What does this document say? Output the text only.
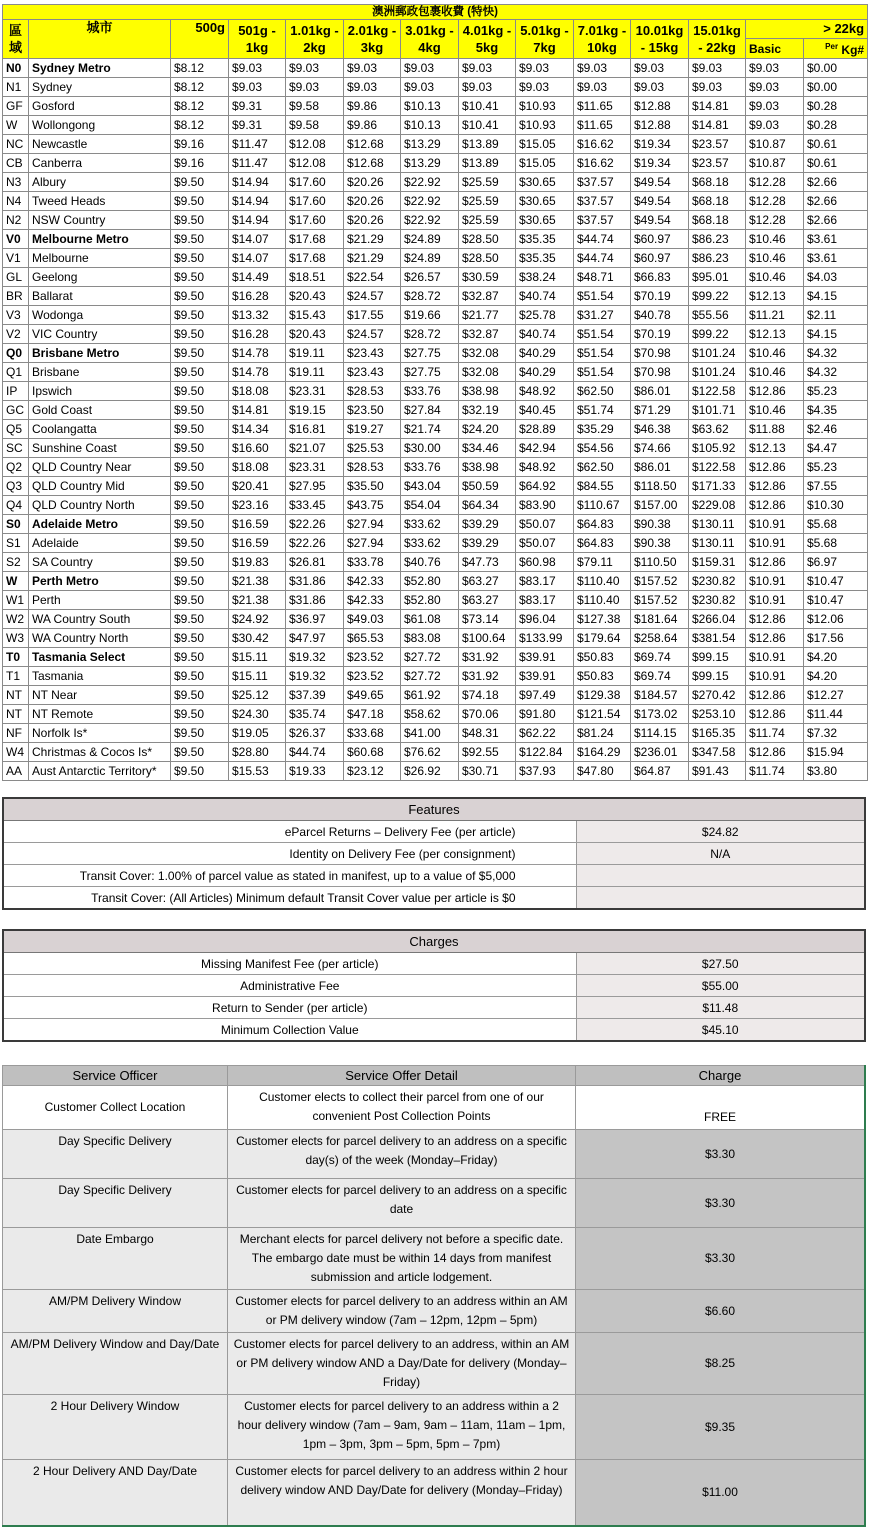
澳洲郵政包裹收費 (特快)													
區域	城市	500g	501g - 1kg	1.01kg - 2kg	2.01kg - 3kg	3.01kg - 4kg	4.01kg - 5kg	5.01kg - 7kg	7.01kg - 10kg	10.01kg - 15kg	15.01kg - 22kg	> 22kg	
												Basic	$^{Per}$ Kg#
N0	Sydney Metro	$8.12	$9.03	$9.03	$9.03	$9.03	$9.03	$9.03	$9.03	$9.03	$9.03	$9.03	$0.00
N1	Sydney	$8.12	$9.03	$9.03	$9.03	$9.03	$9.03	$9.03	$9.03	$9.03	$9.03	$9.03	$0.00
GF	Gosford	$8.12	$9.31	$9.58	$9.86	$10.13	$10.41	$10.93	$11.65	$12.88	$14.81	$9.03	$0.28
W	Wollongong	$8.12	$9.31	$9.58	$9.86	$10.13	$10.41	$10.93	$11.65	$12.88	$14.81	$9.03	$0.28
NC	Newcastle	$9.16	$11.47	$12.08	$12.68	$13.29	$13.89	$15.05	$16.62	$19.34	$23.57	$10.87	$0.61
CB	Canberra	$9.16	$11.47	$12.08	$12.68	$13.29	$13.89	$15.05	$16.62	$19.34	$23.57	$10.87	$0.61
N3	Albury	$9.50	$14.94	$17.60	$20.26	$22.92	$25.59	$30.65	$37.57	$49.54	$68.18	$12.28	$2.66
N4	Tweed Heads	$9.50	$14.94	$17.60	$20.26	$22.92	$25.59	$30.65	$37.57	$49.54	$68.18	$12.28	$2.66
N2	NSW Country	$9.50	$14.94	$17.60	$20.26	$22.92	$25.59	$30.65	$37.57	$49.54	$68.18	$12.28	$2.66
V0	Melbourne Metro	$9.50	$14.07	$17.68	$21.29	$24.89	$28.50	$35.35	$44.74	$60.97	$86.23	$10.46	$3.61
V1	Melbourne	$9.50	$14.07	$17.68	$21.29	$24.89	$28.50	$35.35	$44.74	$60.97	$86.23	$10.46	$3.61
GL	Geelong	$9.50	$14.49	$18.51	$22.54	$26.57	$30.59	$38.24	$48.71	$66.83	$95.01	$10.46	$4.03
BR	Ballarat	$9.50	$16.28	$20.43	$24.57	$28.72	$32.87	$40.74	$51.54	$70.19	$99.22	$12.13	$4.15
V3	Wodonga	$9.50	$13.32	$15.43	$17.55	$19.66	$21.77	$25.78	$31.27	$40.78	$55.56	$11.21	$2.11
V2	VIC Country	$9.50	$16.28	$20.43	$24.57	$28.72	$32.87	$40.74	$51.54	$70.19	$99.22	$12.13	$4.15
Q0	Brisbane Metro	$9.50	$14.78	$19.11	$23.43	$27.75	$32.08	$40.29	$51.54	$70.98	$101.24	$10.46	$4.32
Q1	Brisbane	$9.50	$14.78	$19.11	$23.43	$27.75	$32.08	$40.29	$51.54	$70.98	$101.24	$10.46	$4.32
IP	Ipswich	$9.50	$18.08	$23.31	$28.53	$33.76	$38.98	$48.92	$62.50	$86.01	$122.58	$12.86	$5.23
GC	Gold Coast	$9.50	$14.81	$19.15	$23.50	$27.84	$32.19	$40.45	$51.74	$71.29	$101.71	$10.46	$4.35
Q5	Coolangatta	$9.50	$14.34	$16.81	$19.27	$21.74	$24.20	$28.89	$35.29	$46.38	$63.62	$11.88	$2.46
SC	Sunshine Coast	$9.50	$16.60	$21.07	$25.53	$30.00	$34.46	$42.94	$54.56	$74.66	$105.92	$12.13	$4.47
Q2	QLD Country Near	$9.50	$18.08	$23.31	$28.53	$33.76	$38.98	$48.92	$62.50	$86.01	$122.58	$12.86	$5.23
Q3	QLD Country Mid	$9.50	$20.41	$27.95	$35.50	$43.04	$50.59	$64.92	$84.55	$118.50	$171.33	$12.86	$7.55
Q4	QLD Country North	$9.50	$23.16	$33.45	$43.75	$54.04	$64.34	$83.90	$110.67	$157.00	$229.08	$12.86	$10.30
S0	Adelaide Metro	$9.50	$16.59	$22.26	$27.94	$33.62	$39.29	$50.07	$64.83	$90.38	$130.11	$10.91	$5.68
S1	Adelaide	$9.50	$16.59	$22.26	$27.94	$33.62	$39.29	$50.07	$64.83	$90.38	$130.11	$10.91	$5.68
S2	SA Country	$9.50	$19.83	$26.81	$33.78	$40.76	$47.73	$60.98	$79.11	$110.50	$159.31	$12.86	$6.97
W	Perth Metro	$9.50	$21.38	$31.86	$42.33	$52.80	$63.27	$83.17	$110.40	$157.52	$230.82	$10.91	$10.47
W1	Perth	$9.50	$21.38	$31.86	$42.33	$52.80	$63.27	$83.17	$110.40	$157.52	$230.82	$10.91	$10.47
W2	WA Country South	$9.50	$24.92	$36.97	$49.03	$61.08	$73.14	$96.04	$127.38	$181.64	$266.04	$12.86	$12.06
W3	WA Country North	$9.50	$30.42	$47.97	$65.53	$83.08	$100.64	$133.99	$179.64	$258.64	$381.54	$12.86	$17.56
T0	Tasmania Select	$9.50	$15.11	$19.32	$23.52	$27.72	$31.92	$39.91	$50.83	$69.74	$99.15	$10.91	$4.20
T1	Tasmania	$9.50	$15.11	$19.32	$23.52	$27.72	$31.92	$39.91	$50.83	$69.74	$99.15	$10.91	$4.20
NT	NT Near	$9.50	$25.12	$37.39	$49.65	$61.92	$74.18	$97.49	$129.38	$184.57	$270.42	$12.86	$12.27
NT	NT Remote	$9.50	$24.30	$35.74	$47.18	$58.62	$70.06	$91.80	$121.54	$173.02	$253.10	$12.86	$11.44
NF	Norfolk Is*	$9.50	$19.05	$26.37	$33.68	$41.00	$48.31	$62.22	$81.24	$114.15	$165.35	$11.74	$7.32
W4	Christmas & Cocos Is*	$9.50	$28.80	$44.74	$60.68	$76.62	$92.55	$122.84	$164.29	$236.01	$347.58	$12.86	$15.94
AA	Aust Antarctic Territory*	$9.50	$15.53	$19.33	$23.12	$26.92	$30.71	$37.93	$47.80	$64.87	$91.43	$11.74	$3.80
Features	
eParcel Returns – Delivery Fee (per article)	$24.82
Identity on Delivery Fee (per consignment)	N/A
Transit Cover: 1.00% of parcel value as stated in manifest, up to a value of $5,000	
Transit Cover: (All Articles) Minimum default Transit Cover value per article is $0	
Charges	
Missing Manifest Fee (per article)	$27.50
Administrative Fee	$55.00
Return to Sender (per article)	$11.48
Minimum Collection Value	$45.10
Service Officer	Service Offer Detail	Charge
Customer Collect Location	Customer elects to collect their parcel from one of our convenient Post Collection Points	FREE
Day Specific Delivery	Customer elects for parcel delivery to an address on a specific day(s) of the week (Monday–Friday)	$3.30
Day Specific Delivery	Customer elects for parcel delivery to an address on a specific date	$3.30
Date Embargo	Merchant elects for parcel delivery not before a specific date. The embargo date must be within 14 days from manifest submission and article lodgement.	$3.30
AM/PM Delivery Window	Customer elects for parcel delivery to an address within an AM or PM delivery window (7am – 12pm, 12pm – 5pm)	$6.60
AM/PM Delivery Window and Day/Date	Customer elects for parcel delivery to an address, within an AM or PM delivery window AND a Day/Date for delivery (Monday–Friday)	$8.25
2 Hour Delivery Window	Customer elects for parcel delivery to an address within a 2 hour delivery window (7am – 9am, 9am – 11am, 11am – 1pm, 1pm – 3pm, 3pm – 5pm, 5pm – 7pm)	$9.35
2 Hour Delivery AND Day/Date	Customer elects for parcel delivery to an address within 2 hour delivery window AND Day/Date for delivery (Monday–Friday)	$11.00
